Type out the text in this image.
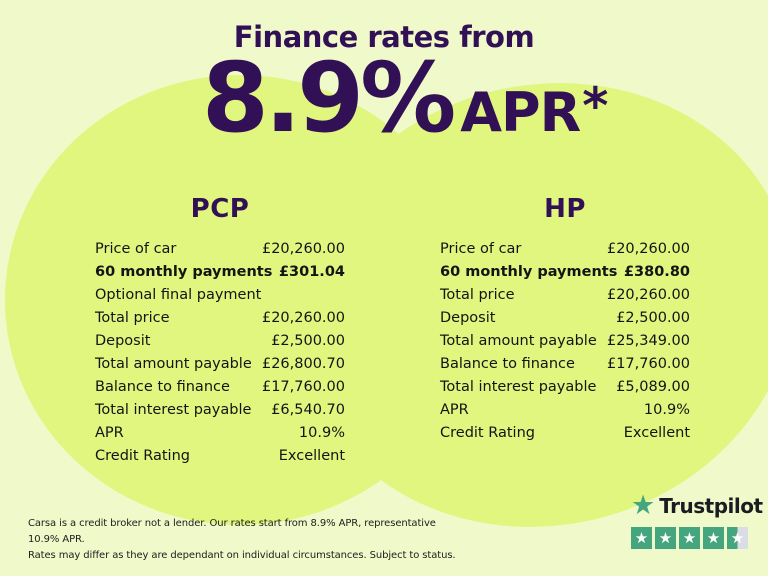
Finance rates from
8.9% APR *
PCP
Price of car	£20,260.00
60 monthly payments £301.04
Optional final payment
Total price	£20,260.00
Deposit	£2,500.00
Total amount payable £26,800.70
Balance to finance £17,760.00
Total interest payable £6,540.70
APR	10.9%
Credit Rating	Excellent
HP
Price of car	£20,260.00
60 monthly payments £380.80
Total price	£20,260.00
Deposit	£2,500.00
Total amount payable £25,349.00
Balance to finance £17,760.00
Total interest payable £5,089.00
APR	10.9%
Credit Rating	Excellent
Carsa is a credit broker not a lender. Our rates start from 8.9% APR, representative 10.9% APR.
Rates may differ as they are dependant on individual circumstances. Subject to status.
★ Trustpilot
★ ★ ★ ★ ★
